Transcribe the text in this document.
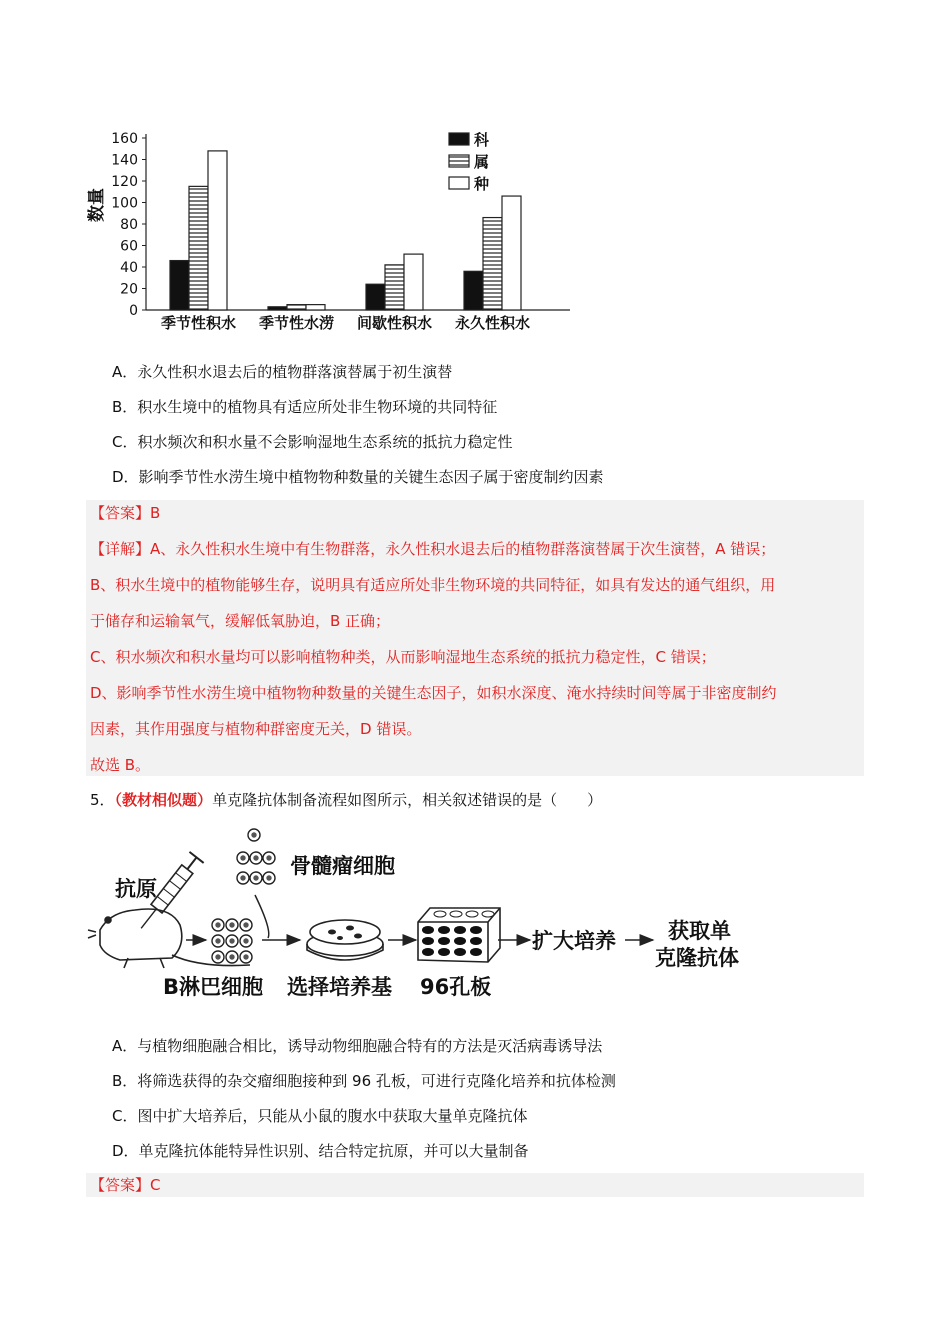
0
20
40
60
80
100
120
140
160
数量
季节性积水 季节性水涝 间歇性积水 永久性积水
科
属
种
A．永久性积水退去后的植物群落演替属于初生演替
B．积水生境中的植物具有适应所处非生物环境的共同特征
C．积水频次和积水量不会影响湿地生态系统的抵抗力稳定性
D．影响季节性水涝生境中植物物种数量的关键生态因子属于密度制约因素
【答案】B
【详解】A、永久性积水生境中有生物群落，永久性积水退去后的植物群落演替属于次生演替，A 错误；
B、积水生境中的植物能够生存，说明具有适应所处非生物环境的共同特征，如具有发达的通气组织，用
于储存和运输氧气，缓解低氧胁迫，B 正确；
C、积水频次和积水量均可以影响植物种类，从而影响湿地生态系统的抵抗力稳定性，C 错误；
D、影响季节性水涝生境中植物物种数量的关键生态因子，如积水深度、淹水持续时间等属于非密度制约
因素，其作用强度与植物种群密度无关，D 错误。
故选 B。
5．（教材相似题）单克隆抗体制备流程如图所示，相关叙述错误的是（　　）
抗原
骨髓瘤细胞
B淋巴细胞 选择培养基 96孔板
扩大培养 获取单
克隆抗体
A．与植物细胞融合相比，诱导动物细胞融合特有的方法是灭活病毒诱导法
B．将筛选获得的杂交瘤细胞接种到 96 孔板，可进行克隆化培养和抗体检测
C．图中扩大培养后，只能从小鼠的腹水中获取大量单克隆抗体
D．单克隆抗体能特异性识别、结合特定抗原，并可以大量制备
【答案】C
